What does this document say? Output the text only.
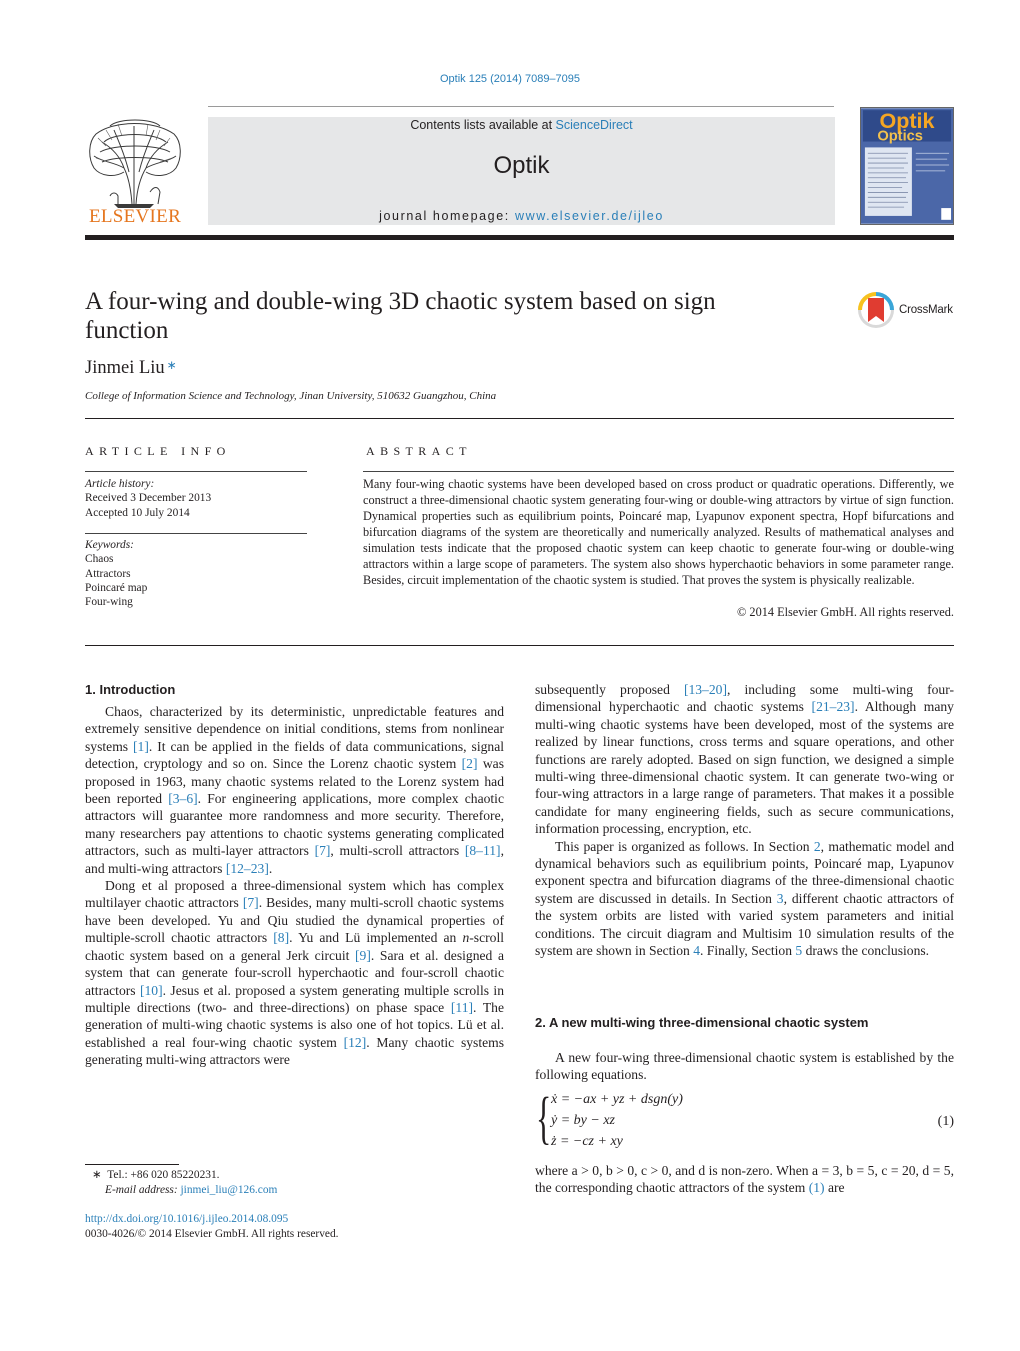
Optik 125 (2014) 7089–7095
Contents lists available at ScienceDirect
Optik
journal homepage: www.elsevier.de/ijleo
ELSEVIER
Optik
Optics
A four-wing and double-wing 3D chaotic system based on sign function
CrossMark
Jinmei Liu ∗
College of Information Science and Technology, Jinan University, 510632 Guangzhou, China
ARTICLE INFO	ABSTRACT
Article history:
Received 3 December 2013
Accepted 10 July 2014
Keywords:
Chaos
Attractors
Poincaré map
Four-wing
Many four-wing chaotic systems have been developed based on cross product or quadratic operations. Differently, we construct a three-dimensional chaotic system generating four-wing or double-wing attractors by virtue of sign function. Dynamical properties such as equilibrium points, Poincaré map, Lyapunov exponent spectra, Hopf bifurcations and bifurcation diagrams of the system are theoretically and numerically analyzed. Results of mathematical analyses and simulation tests indicate that the proposed chaotic system can keep chaotic to generate four-wing or double-wing attractors within a large scope of parameters. The system also shows hyperchaotic behaviors in some parameter range. Besides, circuit implementation of the chaotic system is studied. That proves the system is physically realizable.
© 2014 Elsevier GmbH. All rights reserved.
1. Introduction

Chaos, characterized by its deterministic, unpredictable features and extremely sensitive dependence on initial conditions, stems from nonlinear systems [1]. It can be applied in the fields of data communications, signal detection, cryptology and so on. Since the Lorenz chaotic system [2] was proposed in 1963, many chaotic systems related to the Lorenz system had been reported [3–6]. For engineering applications, more complex chaotic attractors will guarantee more randomness and more security. Therefore, many researchers pay attentions to chaotic systems generating complicated attractors, such as multi-layer attractors [7], multi-scroll attractors [8–11], and multi-wing attractors [12–23].

Dong et al proposed a three-dimensional system which has complex multilayer chaotic attractors [7]. Besides, many multi-scroll chaotic systems have been developed. Yu and Qiu studied the dynamical properties of multiple-scroll chaotic attractors [8]. Yu and Lü implemented an n-scroll chaotic system based on a general Jerk circuit [9]. Sara et al. designed a system that can generate four-scroll hyperchaotic and four-scroll chaotic attractors [10]. Jesus et al. proposed a system generating multiple scrolls in multiple directions (two- and three-directions) on phase space [11]. The generation of multi-wing chaotic systems is also one of hot topics. Lü et al. established a real four-wing chaotic system [12]. Many chaotic systems generating multi-wing attractors were

subsequently proposed [13–20], including some multi-wing four-dimensional hyperchaotic and chaotic systems [21–23]. Although many multi-wing chaotic systems have been developed, most of the systems are realized by linear functions, cross terms and square operations, and other functions are rarely adopted. Based on sign function, we designed a simple multi-wing three-dimensional chaotic system. It can generate two-wing or four-wing attractors in a large range of parameters. That makes it a possible candidate for many engineering fields, such as secure communications, information processing, encryption, etc.

This paper is organized as follows. In Section 2, mathematic model and dynamical behaviors such as equilibrium points, Poincaré map, Lyapunov exponent spectra and bifurcation diagrams of the three-dimensional chaotic system are discussed in details. In Section 3, different chaotic attractors of the system orbits are listed with varied system parameters and initial conditions. The circuit diagram and Multisim 10 simulation results of the system are shown in Section 4. Finally, Section 5 draws the conclusions.

2. A new multi-wing three-dimensional chaotic system

A new four-wing three-dimensional chaotic system is established by the following equations.

{ ẋ = −ax + yz + dsgn(y)
ẏ = by − xz
ż = −cz + xy
(1)

where a > 0, b > 0, c > 0, and d is non-zero. When a = 3, b = 5, c = 20, d = 5, the corresponding chaotic attractors of the system (1) are

∗ Tel.: +86 020 85220231.
E-mail address: jinmei_liu@126.com
http://dx.doi.org/10.1016/j.ijleo.2014.08.095
0030-4026/© 2014 Elsevier GmbH. All rights reserved.
